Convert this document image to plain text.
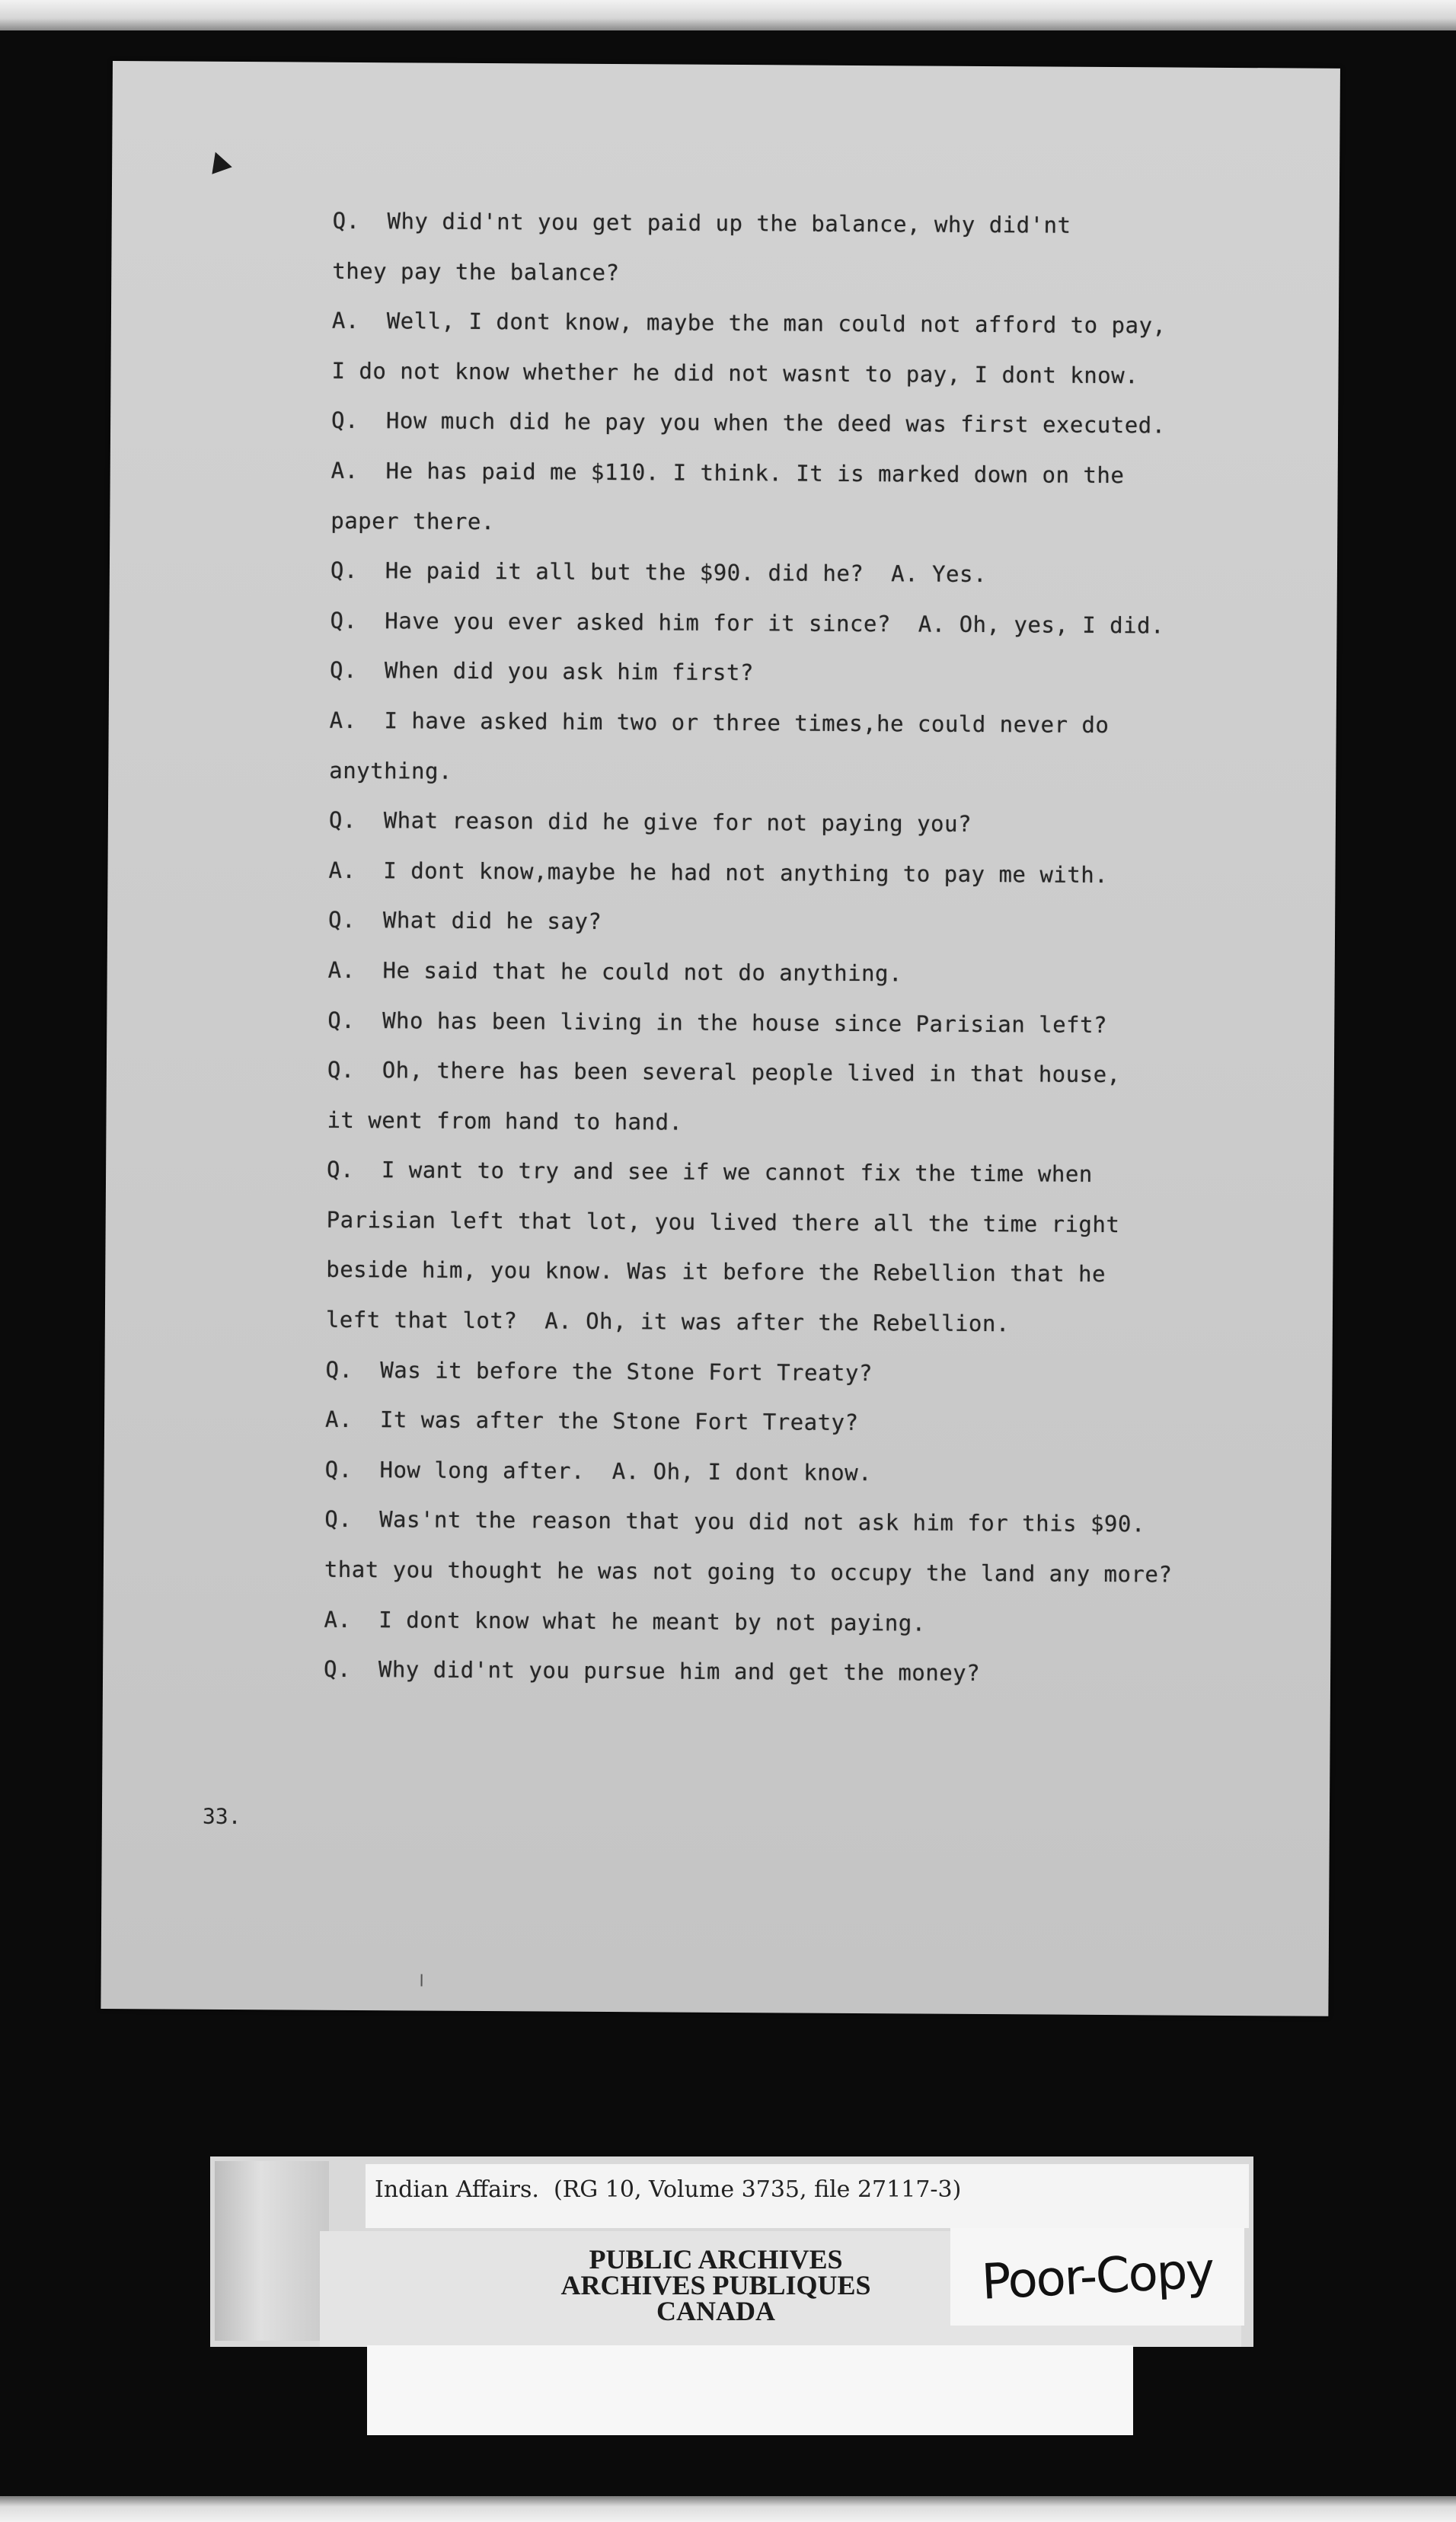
Q.  Why did'nt you get paid up the balance, why did'nt
they pay the balance?
A.  Well, I dont know, maybe the man could not afford to pay,
I do not know whether he did not wasnt to pay, I dont know.
Q.  How much did he pay you when the deed was first executed.
A.  He has paid me $110. I think. It is marked down on the
paper there.
Q.  He paid it all but the $90. did he?  A. Yes.
Q.  Have you ever asked him for it since?  A. Oh, yes, I did.
Q.  When did you ask him first?
A.  I have asked him two or three times,he could never do
anything.
Q.  What reason did he give for not paying you?
A.  I dont know,maybe he had not anything to pay me with.
Q.  What did he say?
A.  He said that he could not do anything.
Q.  Who has been living in the house since Parisian left?
Q.  Oh, there has been several people lived in that house,
it went from hand to hand.
Q.  I want to try and see if we cannot fix the time when
Parisian left that lot, you lived there all the time right
beside him, you know. Was it before the Rebellion that he
left that lot?  A. Oh, it was after the Rebellion.
Q.  Was it before the Stone Fort Treaty?
A.  It was after the Stone Fort Treaty?
Q.  How long after.  A. Oh, I dont know.
Q.  Was'nt the reason that you did not ask him for this $90.
that you thought he was not going to occupy the land any more?
A.  I dont know what he meant by not paying.
Q.  Why did'nt you pursue him and get the money?
33.
Indian Affairs.  (RG 10, Volume 3735, file 27117-3)
PUBLIC ARCHIVES
ARCHIVES PUBLIQUES
CANADA
Poor-Copy
